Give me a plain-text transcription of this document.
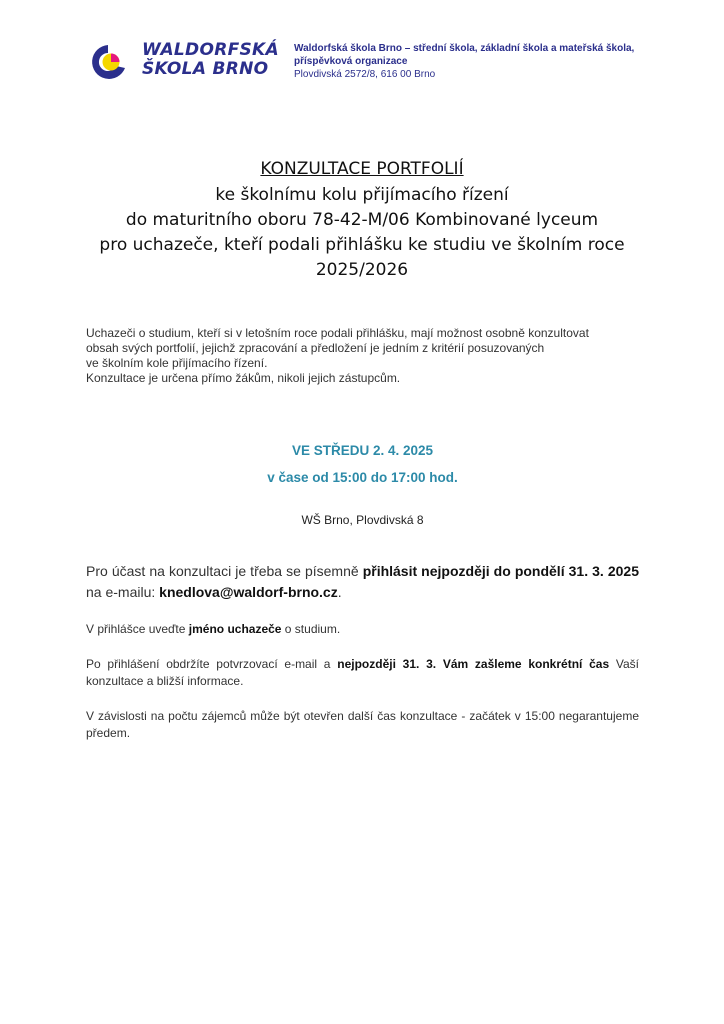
WALDORFSKÁ
ŠKOLA BRNO
Waldorfská škola Brno – střední škola, základní škola a mateřská škola,
příspěvková organizace
Plovdivská 2572/8, 616 00 Brno
KONZULTACE PORTFOLIÍ
ke školnímu kolu přijímacího řízení
do maturitního oboru 78-42-M/06 Kombinované lyceum
pro uchazeče, kteří podali přihlášku ke studiu ve školním roce
2025/2026
Uchazeči o studium, kteří si v letošním roce podali přihlášku, mají možnost osobně konzultovat
obsah svých portfolií, jejichž zpracování a předložení je jedním z kritérií posuzovaných
ve školním kole přijímacího řízení.
Konzultace je určena přímo žákům, nikoli jejich zástupcům.
VE STŘEDU 2. 4. 2025
v čase od 15:00 do 17:00 hod.
WŠ Brno, Plovdivská 8
Pro účast na konzultaci je třeba se písemně přihlásit nejpozději do pondělí 31. 3. 2025 na e-mailu: knedlova@waldorf-brno.cz.
V přihlášce uveďte jméno uchazeče o studium.
Po přihlášení obdržíte potvrzovací e-mail a nejpozději 31. 3. Vám zašleme konkrétní čas Vaší konzultace a bližší informace.
V závislosti na počtu zájemců může být otevřen další čas konzultace - začátek v 15:00 negarantujeme předem.
